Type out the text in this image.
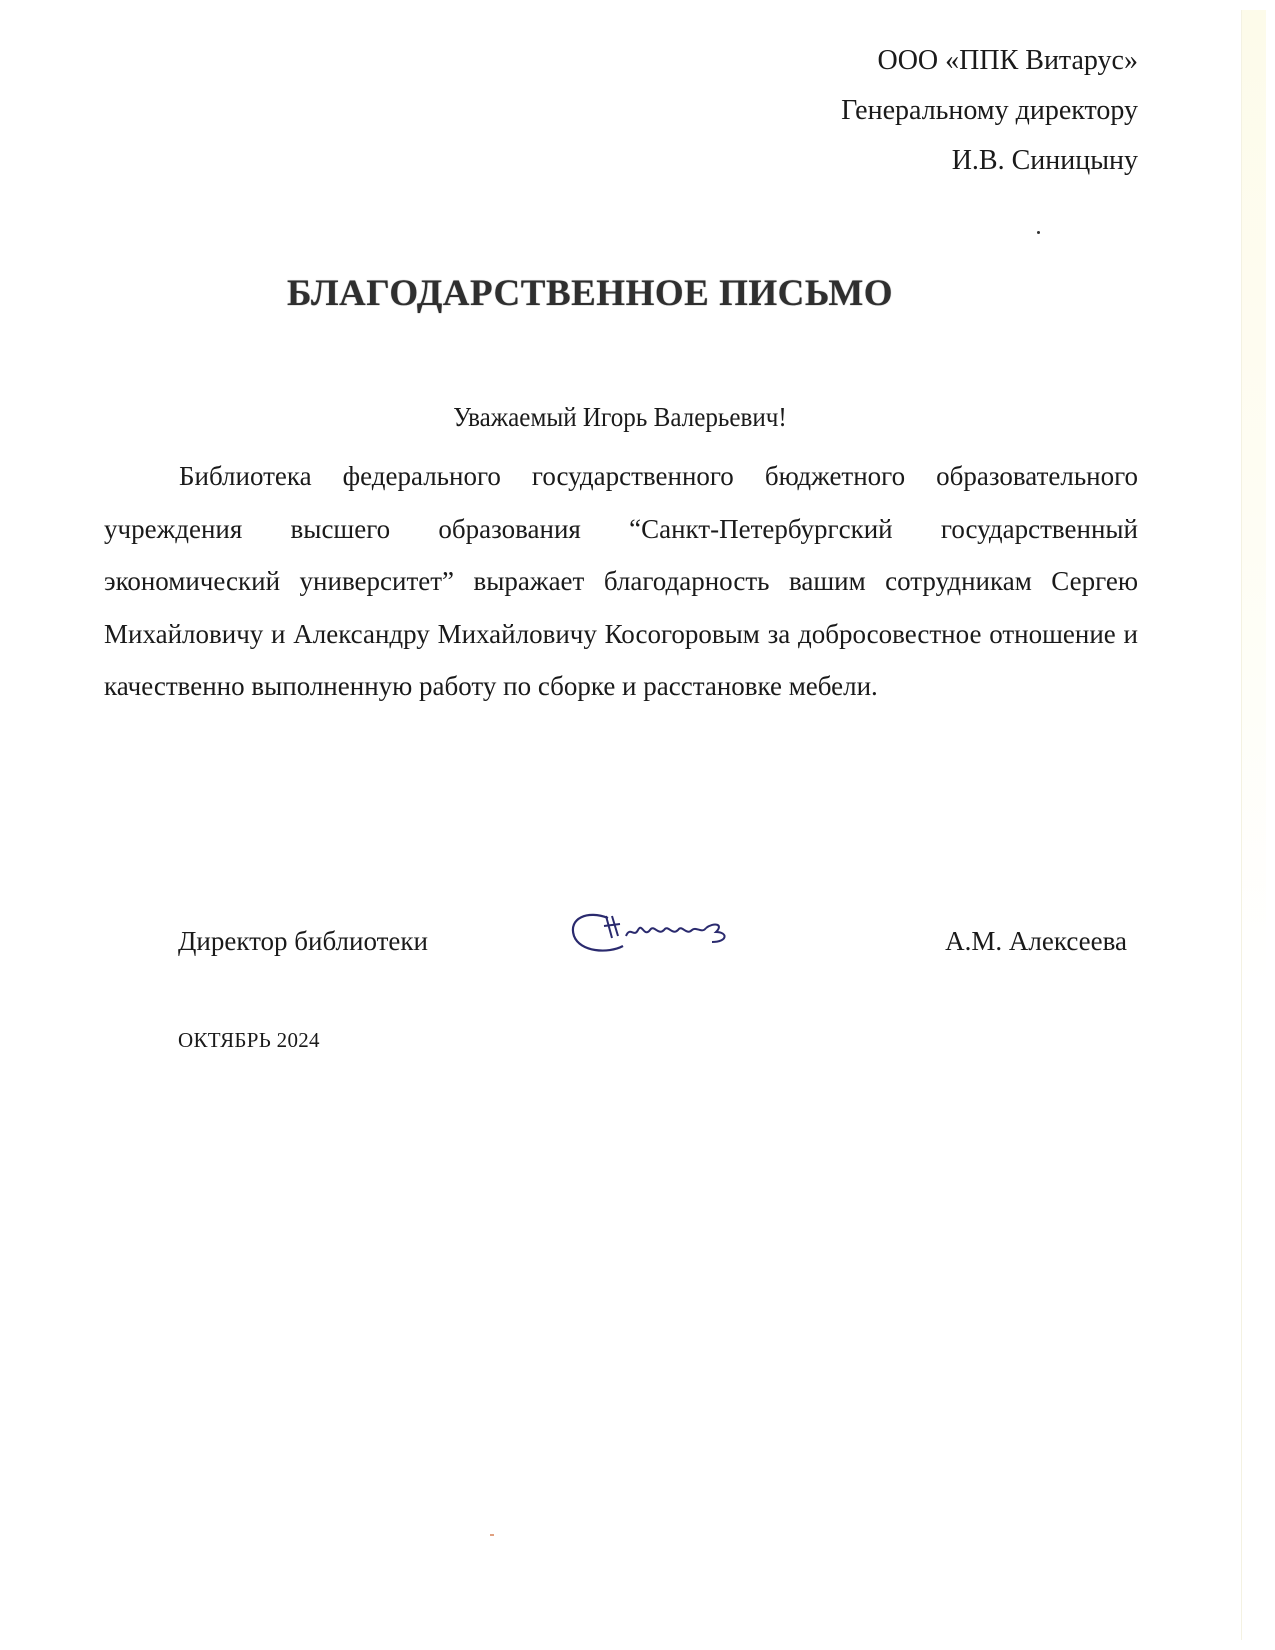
ООО «ППК Витарус»
Генеральному директору
И.В. Синицыну
БЛАГОДАРСТВЕННОЕ ПИСЬМО
Уважаемый Игорь Валерьевич!
Библиотека федерального государственного бюджетного образовательного учреждения высшего образования “Санкт-Петербургский государственный экономический университет” выражает благодарность вашим сотрудникам Сергею Михайловичу и Александру Михайловичу Косогоровым за добросовестное отношение и качественно выполненную работу по сборке и расстановке мебели.
Директор библиотеки	А.М. Алексеева
ОКТЯБРЬ 2024
